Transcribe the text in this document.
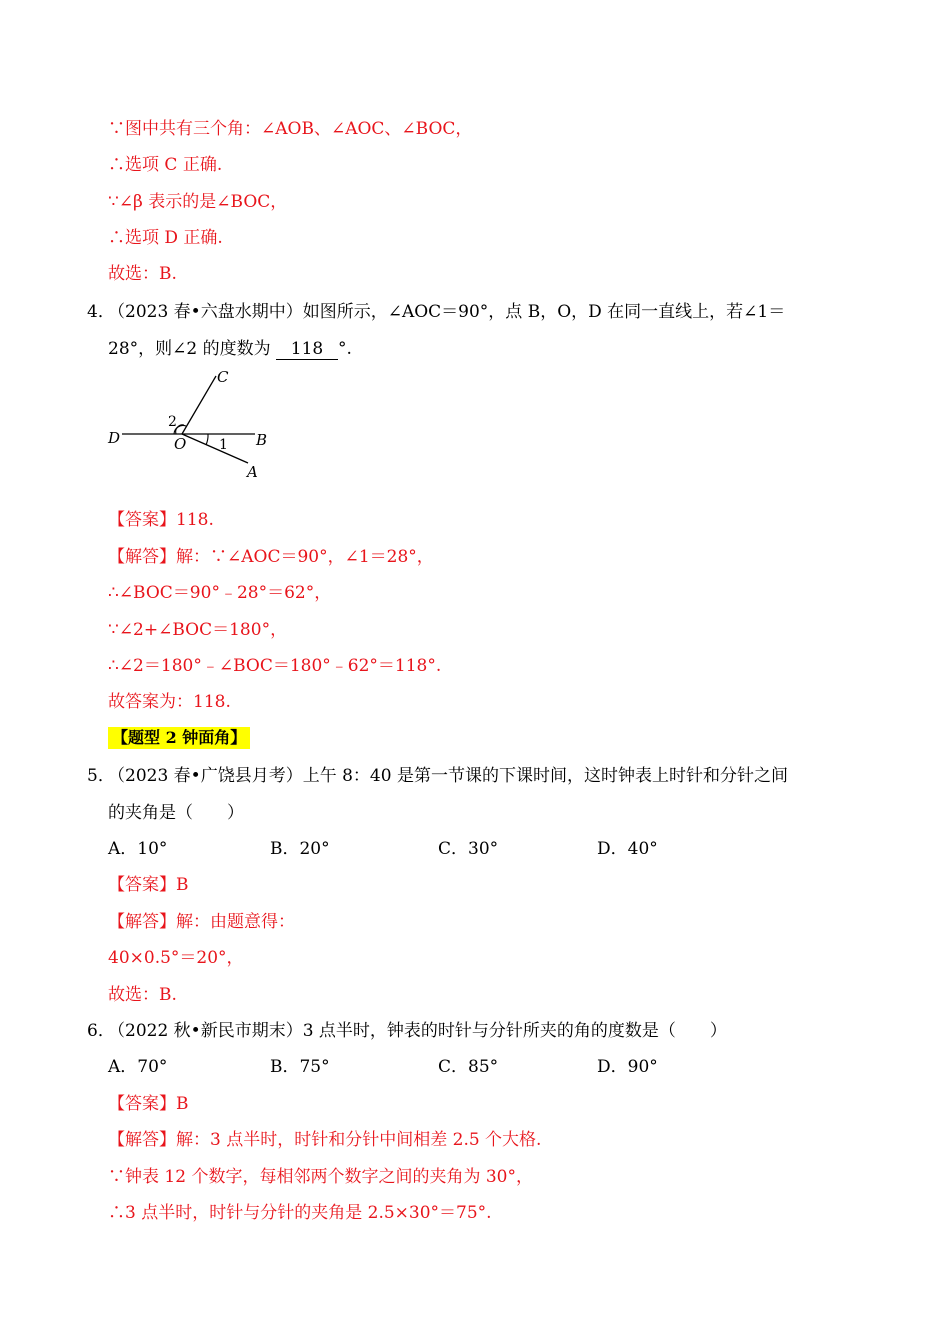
∵图中共有三个角：∠AOB、∠AOC、∠BOC，
∴选项 C 正确.
∵∠β 表示的是∠BOC，
∴选项 D 正确.
故选：B.
4．
（2023 春•六盘水期中）如图所示，∠AOC＝90°，点 B，O，D 在同一直线上，若∠1＝
28°，则∠2 的度数为 118 °.
C
D	O	B
A
1
2
【答案】118.
【解答】解：∵∠AOC＝90°，∠1＝28°，
∴∠BOC＝90°﹣28°＝62°，
∵∠2+∠BOC＝180°，
∴∠2＝180°﹣∠BOC＝180°﹣62°＝118°.
故答案为：118.
【题型 2 钟面角】
5．
（2023 春•广饶县月考）上午 8：40 是第一节课的下课时间，这时钟表上时针和分针之间
的夹角是（　　）
A．10°	B．20°	C．30°	D．40°
【答案】B
【解答】解：由题意得：
40×0.5°＝20°，
故选：B.
6．
（2022 秋•新民市期末）3 点半时，钟表的时针与分针所夹的角的度数是（　　）
A．70°	B．75°	C．85°	D．90°
【答案】B
【解答】解：3 点半时，时针和分针中间相差 2.5 个大格.
∵钟表 12 个数字，每相邻两个数字之间的夹角为 30°，
∴3 点半时，时针与分针的夹角是 2.5×30°＝75°.
